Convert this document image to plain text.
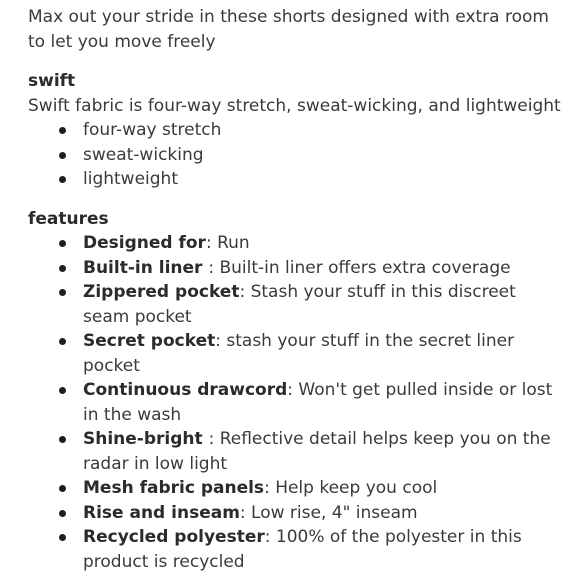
Max out your stride in these shorts designed with extra room to let you move freely

swift

Swift fabric is four-way stretch, sweat-wicking, and lightweight

four-way stretch
sweat-wicking
lightweight

features

Designed for: Run
Built-in liner : Built-in liner offers extra coverage
Zippered pocket: Stash your stuff in this discreet seam pocket
Secret pocket: stash your stuff in the secret liner pocket
Continuous drawcord: Won't get pulled inside or lost in the wash
Shine-bright : Reflective detail helps keep you on the radar in low light
Mesh fabric panels: Help keep you cool
Rise and inseam: Low rise, 4" inseam
Recycled polyester: 100% of the polyester in this product is recycled
